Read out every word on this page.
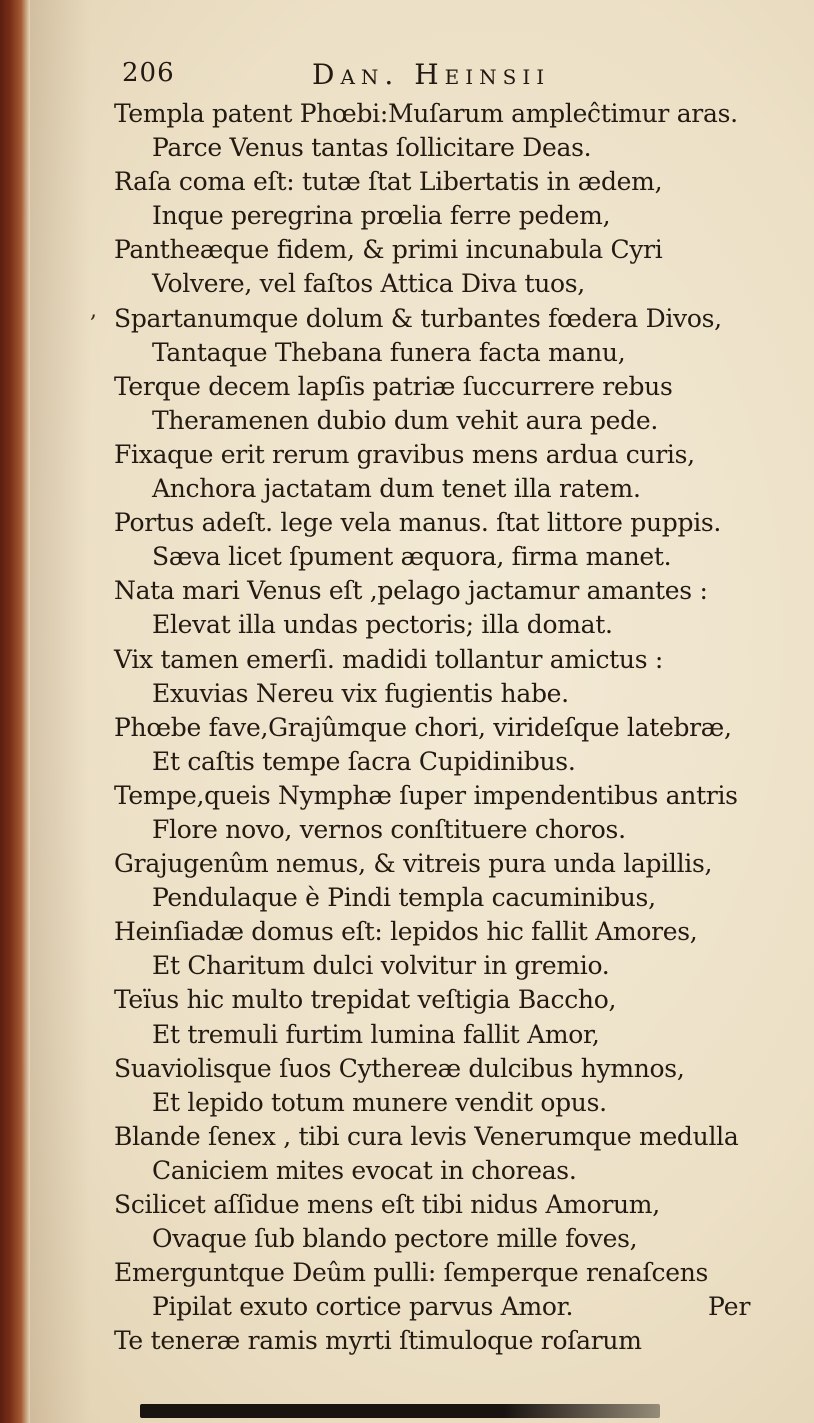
206	Dan. Heinsii
,
Templa patent Phœbi:Muſarum ampleĉtimur aras.
Parce Venus tantas ſollicitare Deas.
Raſa coma eſt: tutæ ſtat Libertatis in ædem,
Inque peregrina prœlia ferre pedem,
Pantheæque fidem, & primi incunabula Cyri
Volvere, vel faſtos Attica Diva tuos,
Spartanumque dolum & turbantes fœdera Divos,
Tantaque Thebana funera facta manu,
Terque decem lapſis patriæ ſuccurrere rebus
Theramenen dubio dum vehit aura pede.
Fixaque erit rerum gravibus mens ardua curis,
Anchora jactatam dum tenet illa ratem.
Portus adeſt. lege vela manus. ſtat littore puppis.
Sæva licet ſpument æquora, firma manet.
Nata mari Venus eſt ,pelago jactamur amantes :
Elevat illa undas pectoris; illa domat.
Vix tamen emerſi. madidi tollantur amictus :
Exuvias Nereu vix fugientis habe.
Phœbe fave,Grajûmque chori, virideſque latebræ,
Et caſtis tempe ſacra Cupidinibus.
Tempe,queis Nymphæ ſuper impendentibus antris
Flore novo, vernos conſtituere choros.
Grajugenûm nemus, & vitreis pura unda lapillis,
Pendulaque è Pindi templa cacuminibus,
Heinſiadæ domus eſt: lepidos hic fallit Amores,
Et Charitum dulci volvitur in gremio.
Teïus hic multo trepidat veſtigia Baccho,
Et tremuli furtim lumina fallit Amor,
Suaviolisque ſuos Cythereæ dulcibus hymnos,
Et lepido totum munere vendit opus.
Blande ſenex , tibi cura levis Venerumque medulla
Caniciem mites evocat in choreas.
Scilicet aſſidue mens eſt tibi nidus Amorum,
Ovaque ſub blando pectore mille foves,
Emerguntque Deûm pulli: ſemperque renaſcens
Pipilat exuto cortice parvus Amor.
Te teneræ ramis myrti ſtimuloque roſarum
Per
